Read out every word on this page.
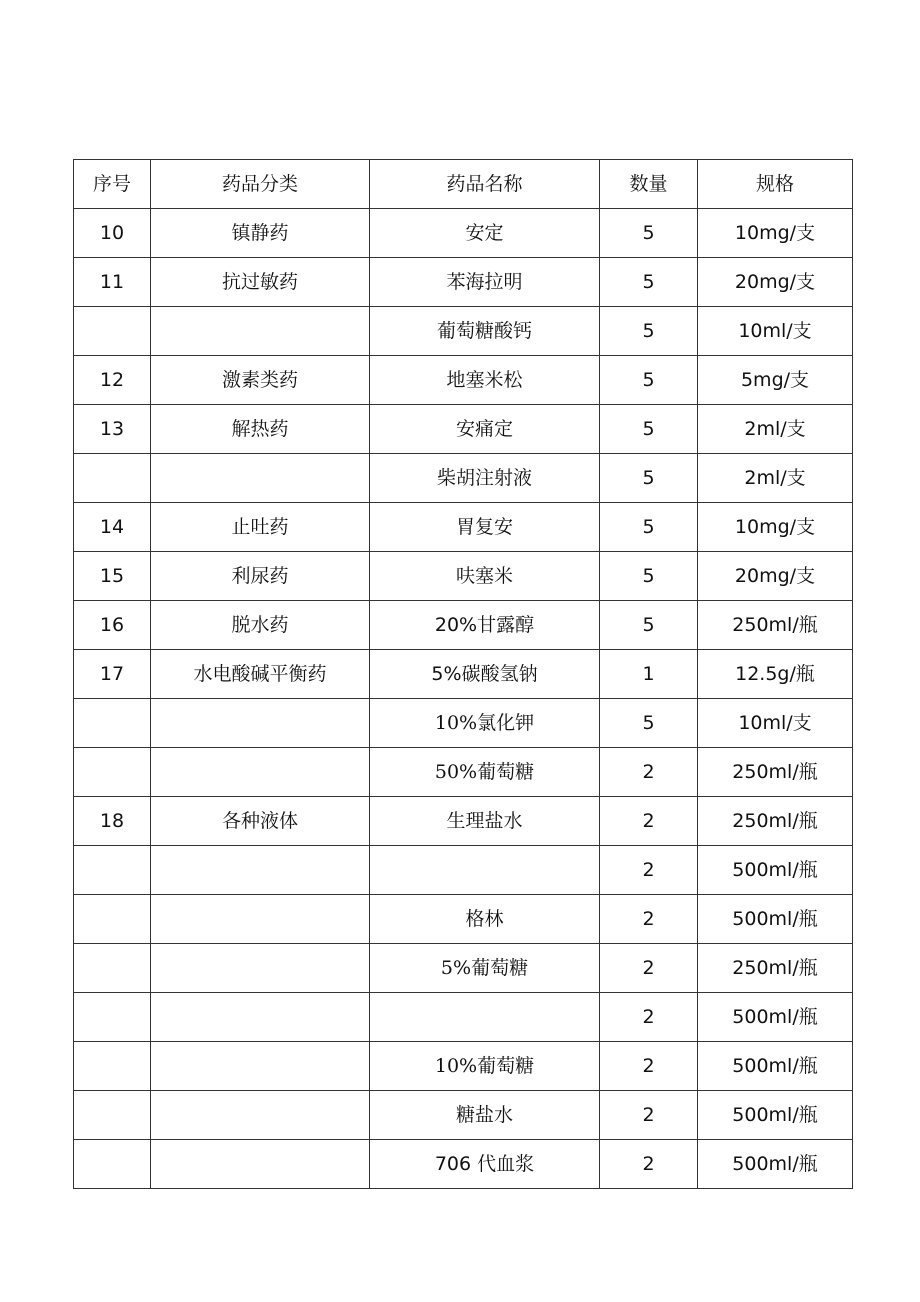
序号	药品分类	药品名称	数量	规格
10	镇静药	安定	5	10mg/支
11	抗过敏药	苯海拉明	5	20mg/支
		葡萄糖酸钙	5	10ml/支
12	激素类药	地塞米松	5	5mg/支
13	解热药	安痛定	5	2ml/支
		柴胡注射液	5	2ml/支
14	止吐药	胃复安	5	10mg/支
15	利尿药	呋塞米	5	20mg/支
16	脱水药	20%甘露醇	5	250ml/瓶
17	水电酸碱平衡药	5%碳酸氢钠	1	12.5g/瓶
		10%氯化钾	5	10ml/支
		50%葡萄糖	2	250ml/瓶
18	各种液体	生理盐水	2	250ml/瓶
			2	500ml/瓶
		格林	2	500ml/瓶
		5%葡萄糖	2	250ml/瓶
			2	500ml/瓶
		10%葡萄糖	2	500ml/瓶
		糖盐水	2	500ml/瓶
		706 代血浆	2	500ml/瓶
